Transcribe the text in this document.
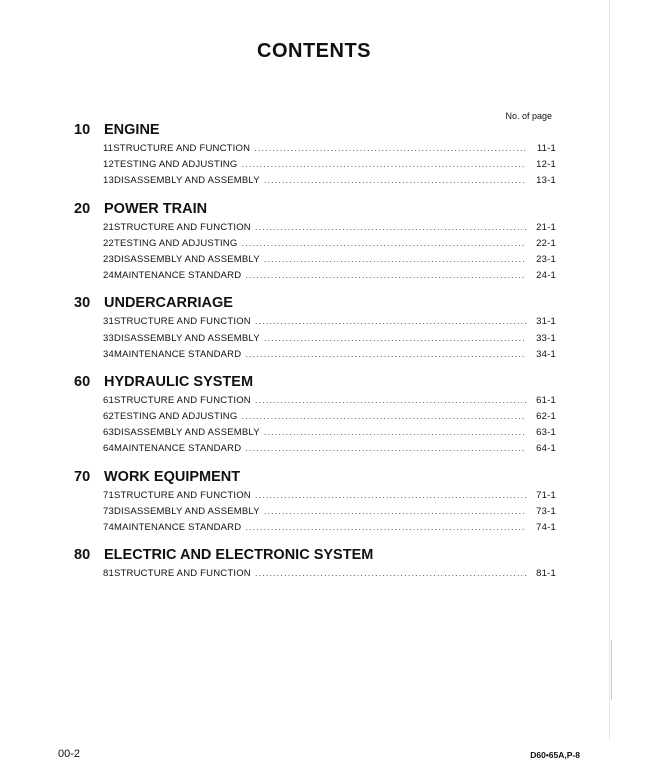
CONTENTS
No. of page
10 ENGINE
11 STRUCTURE AND FUNCTION .....	11-1
12 TESTING AND ADJUSTING .....	12-1
13 DISASSEMBLY AND ASSEMBLY .....	13-1
20 POWER TRAIN
21 STRUCTURE AND FUNCTION .....	21-1
22 TESTING AND ADJUSTING .....	22-1
23 DISASSEMBLY AND ASSEMBLY .....	23-1
24 MAINTENANCE STANDARD .....	24-1
30 UNDERCARRIAGE
31 STRUCTURE AND FUNCTION .....	31-1
33 DISASSEMBLY AND ASSEMBLY .....	33-1
34 MAINTENANCE STANDARD .....	34-1
60 HYDRAULIC SYSTEM
61 STRUCTURE AND FUNCTION .....	61-1
62 TESTING AND ADJUSTING .....	62-1
63 DISASSEMBLY AND ASSEMBLY .....	63-1
64 MAINTENANCE STANDARD .....	64-1
70 WORK EQUIPMENT
71 STRUCTURE AND FUNCTION .....	71-1
73 DISASSEMBLY AND ASSEMBLY .....	73-1
74 MAINTENANCE STANDARD .....	74-1
80 ELECTRIC AND ELECTRONIC SYSTEM
81 STRUCTURE AND FUNCTION .....	81-1
00-2	D60•65A,P-8
